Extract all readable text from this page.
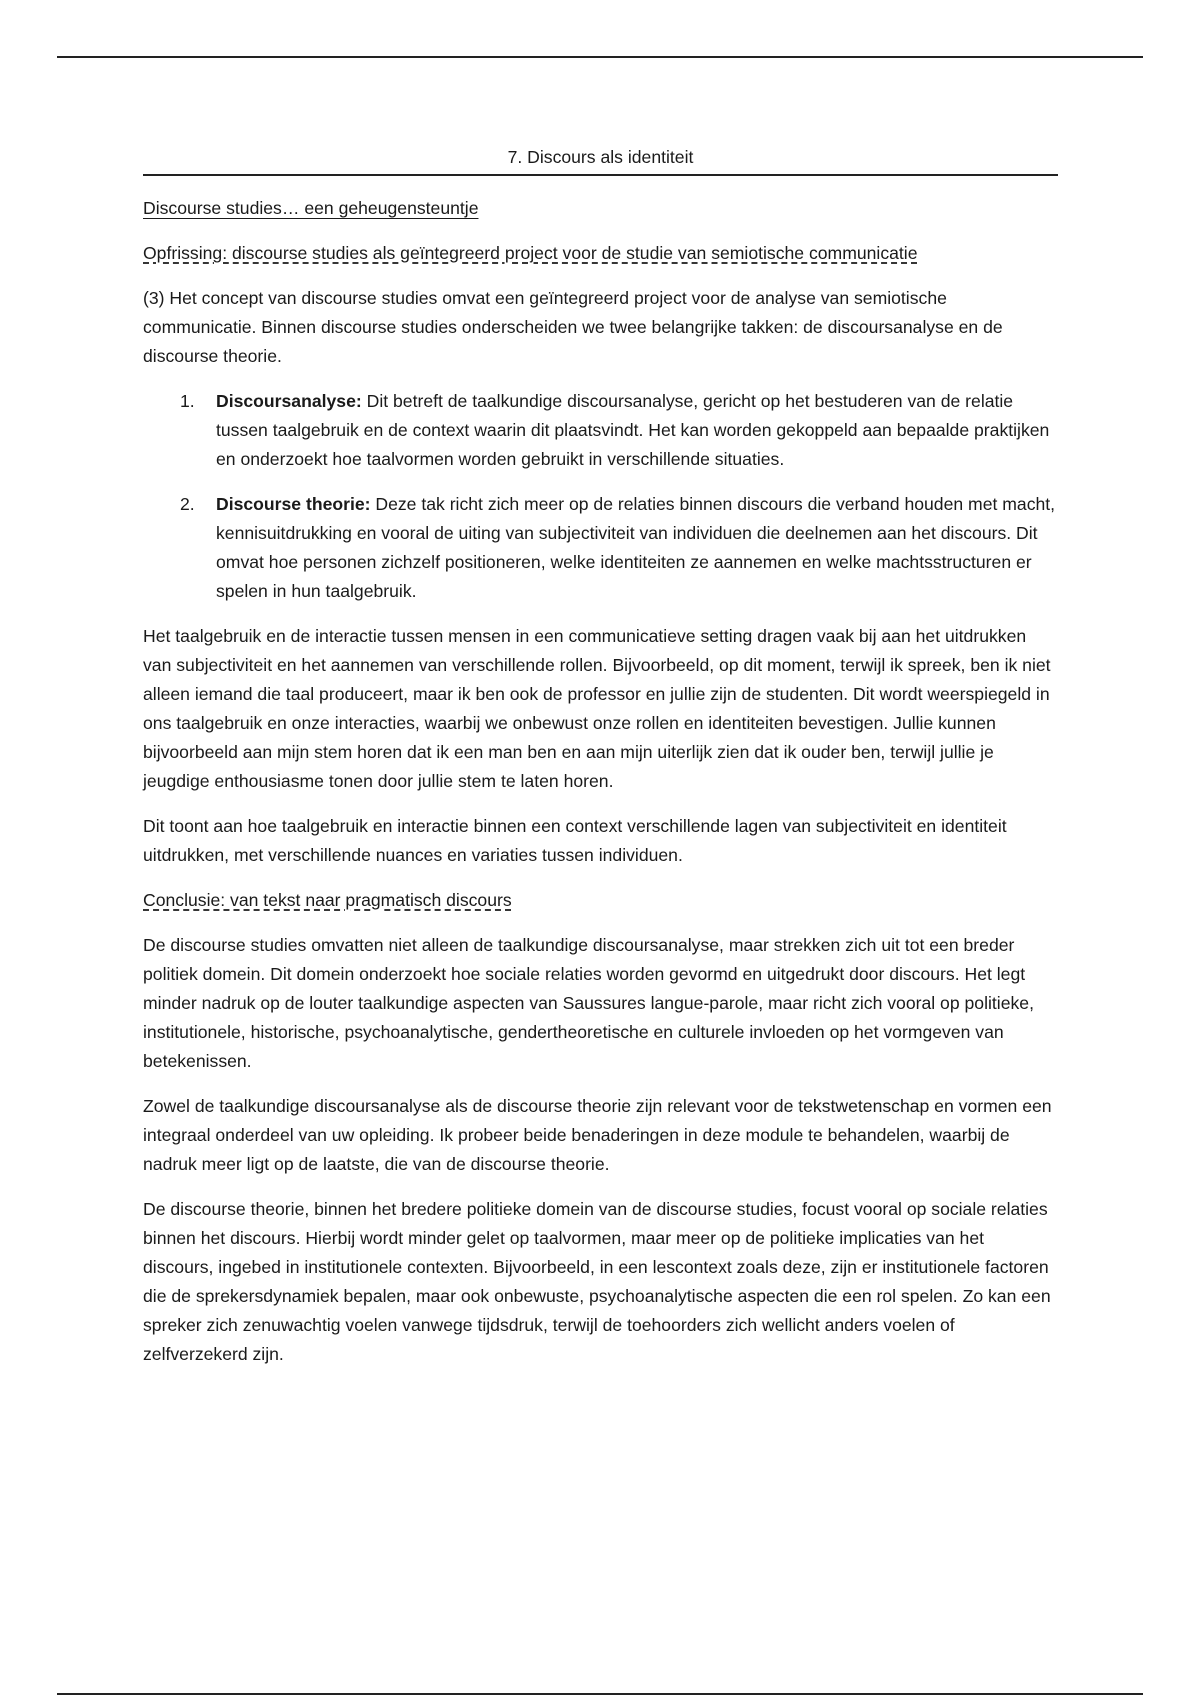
7. Discours als identiteit
Discourse studies… een geheugensteuntje
Opfrissing: discourse studies als geïntegreerd project voor de studie van semiotische communicatie

(3) Het concept van discourse studies omvat een geïntegreerd project voor de analyse van semiotische communicatie. Binnen discourse studies onderscheiden we twee belangrijke takken: de discoursanalyse en de discourse theorie.

1. Discoursanalyse: Dit betreft de taalkundige discoursanalyse, gericht op het bestuderen van de relatie tussen taalgebruik en de context waarin dit plaatsvindt. Het kan worden gekoppeld aan bepaalde praktijken en onderzoekt hoe taalvormen worden gebruikt in verschillende situaties.
2. Discourse theorie: Deze tak richt zich meer op de relaties binnen discours die verband houden met macht, kennisuitdrukking en vooral de uiting van subjectiviteit van individuen die deelnemen aan het discours. Dit omvat hoe personen zichzelf positioneren, welke identiteiten ze aannemen en welke machtsstructuren er spelen in hun taalgebruik.

Het taalgebruik en de interactie tussen mensen in een communicatieve setting dragen vaak bij aan het uitdrukken van subjectiviteit en het aannemen van verschillende rollen. Bijvoorbeeld, op dit moment, terwijl ik spreek, ben ik niet alleen iemand die taal produceert, maar ik ben ook de professor en jullie zijn de studenten. Dit wordt weerspiegeld in ons taalgebruik en onze interacties, waarbij we onbewust onze rollen en identiteiten bevestigen. Jullie kunnen bijvoorbeeld aan mijn stem horen dat ik een man ben en aan mijn uiterlijk zien dat ik ouder ben, terwijl jullie je jeugdige enthousiasme tonen door jullie stem te laten horen.

Dit toont aan hoe taalgebruik en interactie binnen een context verschillende lagen van subjectiviteit en identiteit uitdrukken, met verschillende nuances en variaties tussen individuen.

Conclusie: van tekst naar pragmatisch discours

De discourse studies omvatten niet alleen de taalkundige discoursanalyse, maar strekken zich uit tot een breder politiek domein. Dit domein onderzoekt hoe sociale relaties worden gevormd en uitgedrukt door discours. Het legt minder nadruk op de louter taalkundige aspecten van Saussures langue-parole, maar richt zich vooral op politieke, institutionele, historische, psychoanalytische, gendertheoretische en culturele invloeden op het vormgeven van betekenissen.

Zowel de taalkundige discoursanalyse als de discourse theorie zijn relevant voor de tekstwetenschap en vormen een integraal onderdeel van uw opleiding. Ik probeer beide benaderingen in deze module te behandelen, waarbij de nadruk meer ligt op de laatste, die van de discourse theorie.

De discourse theorie, binnen het bredere politieke domein van de discourse studies, focust vooral op sociale relaties binnen het discours. Hierbij wordt minder gelet op taalvormen, maar meer op de politieke implicaties van het discours, ingebed in institutionele contexten. Bijvoorbeeld, in een lescontext zoals deze, zijn er institutionele factoren die de sprekersdynamiek bepalen, maar ook onbewuste, psychoanalytische aspecten die een rol spelen. Zo kan een spreker zich zenuwachtig voelen vanwege tijdsdruk, terwijl de toehoorders zich wellicht anders voelen of zelfverzekerd zijn.
